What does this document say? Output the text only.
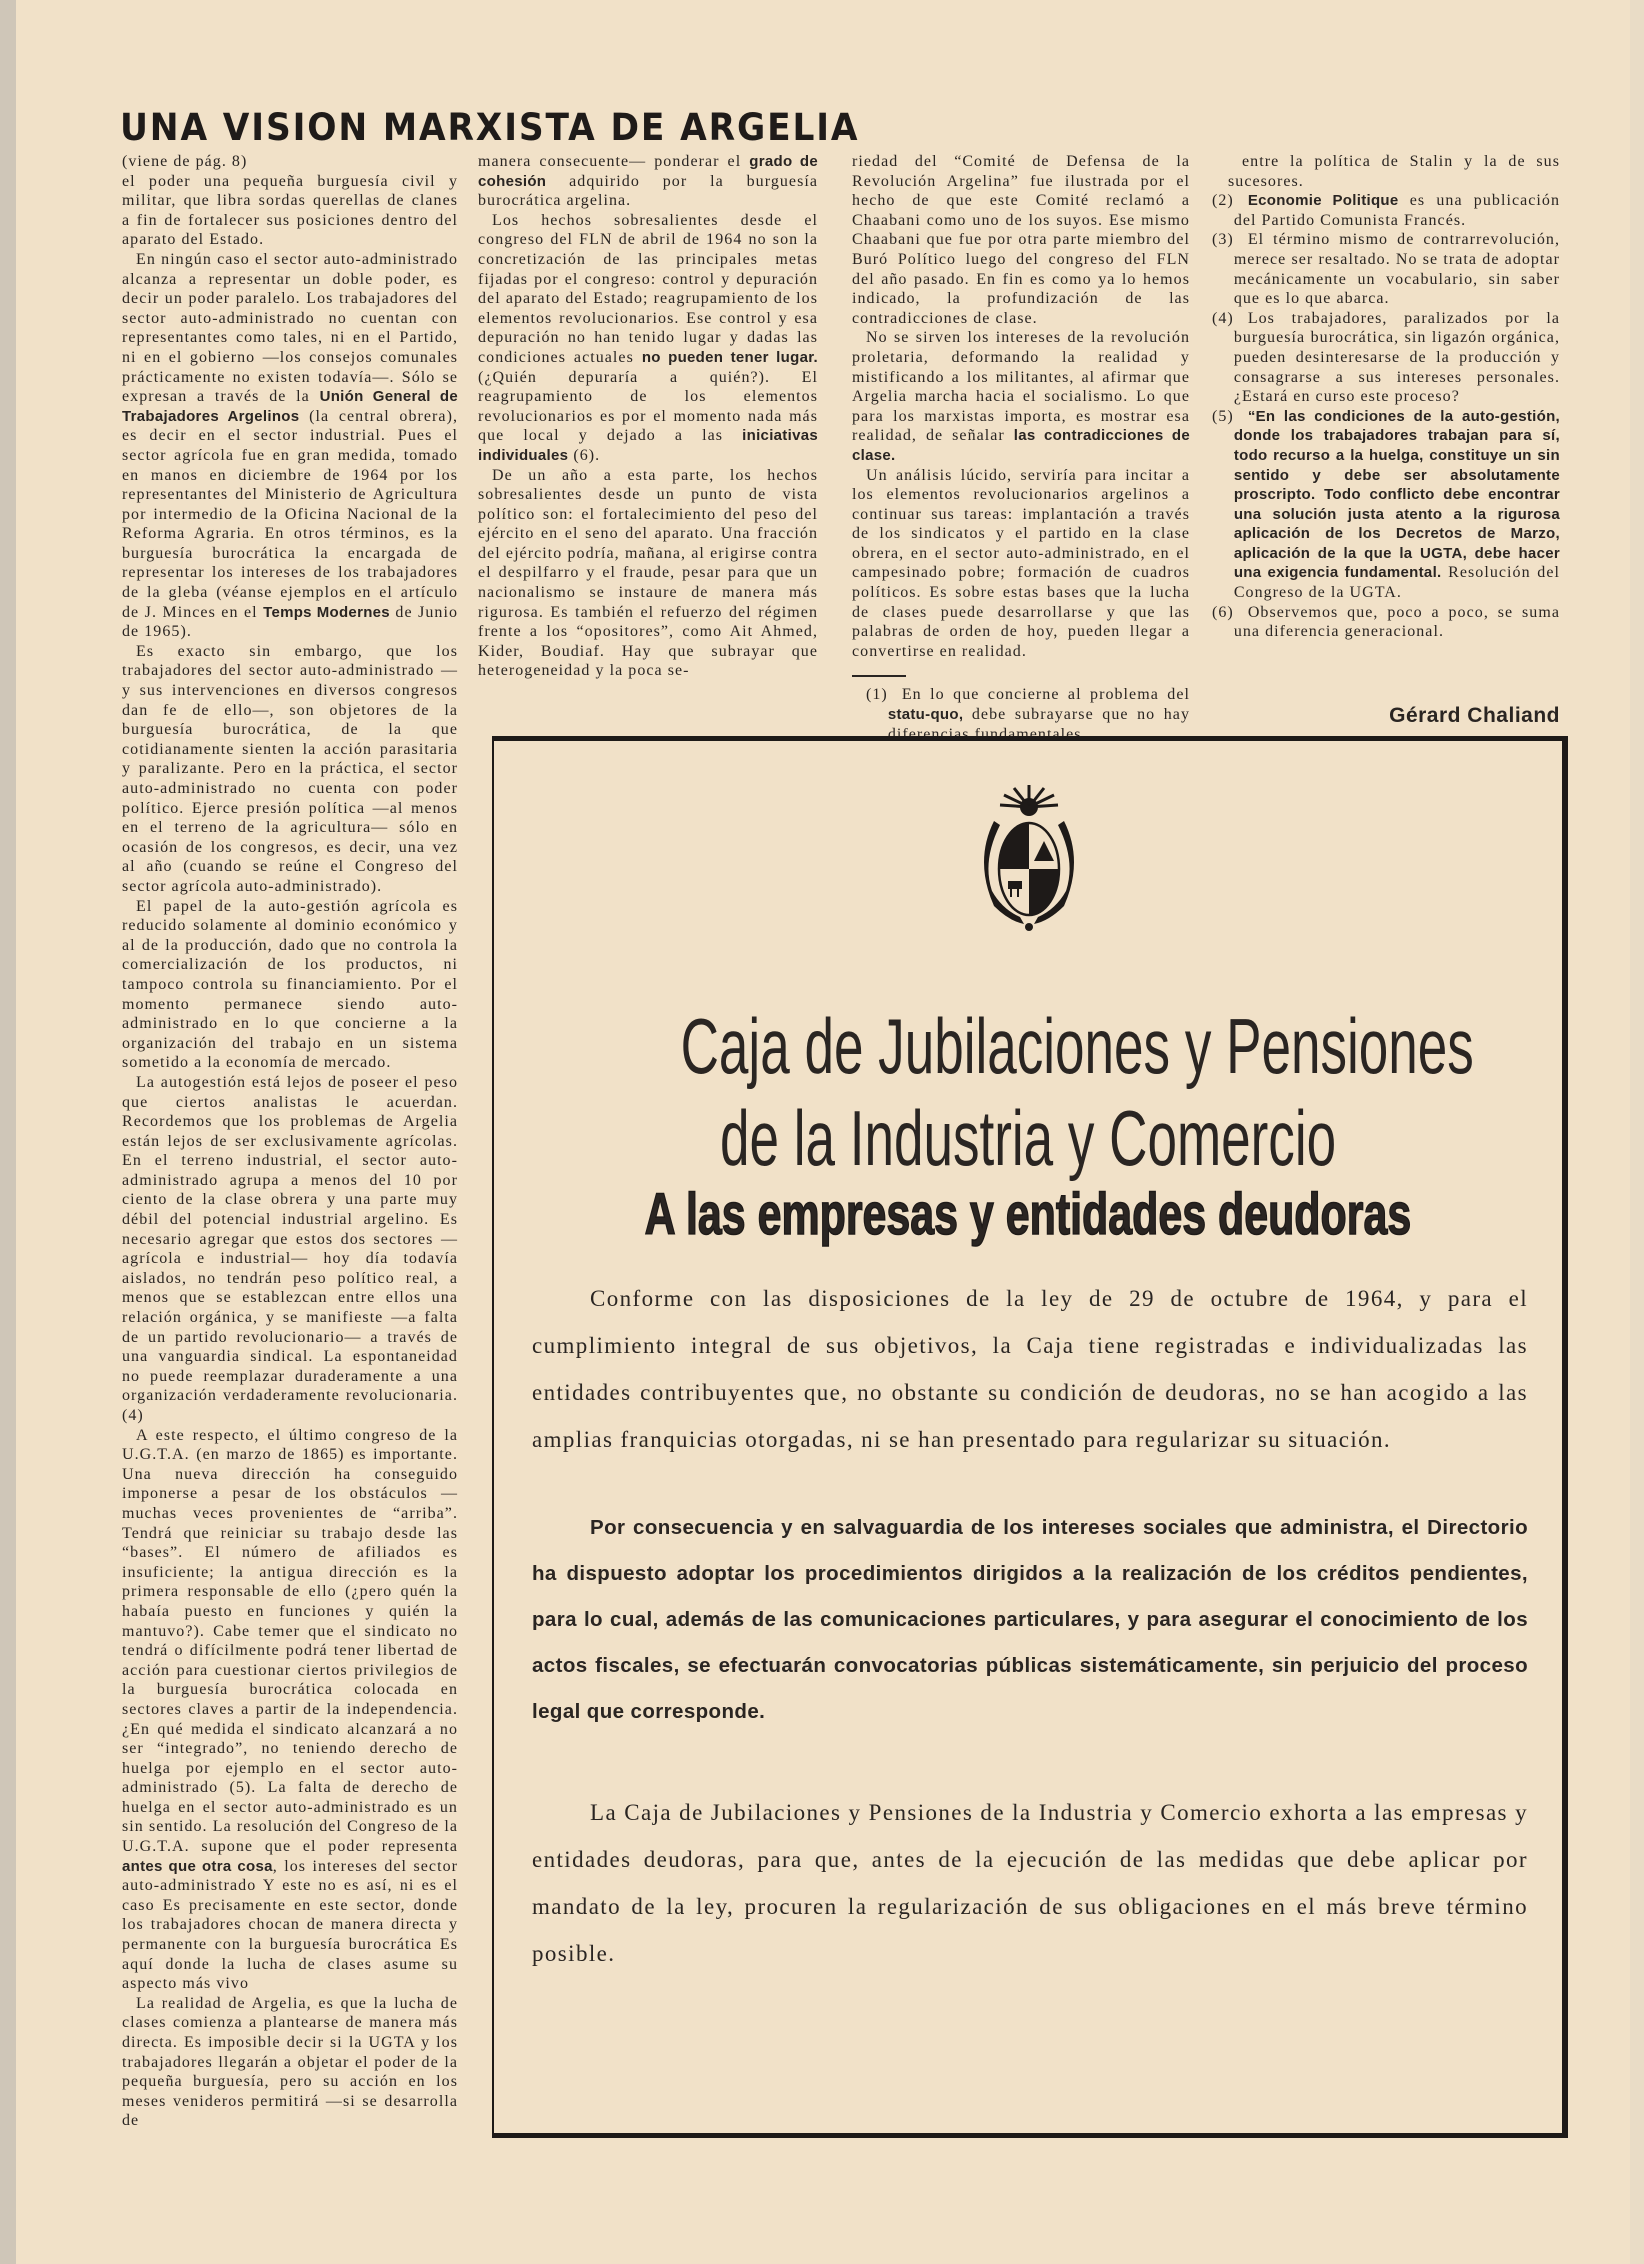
UNA VISION MARXISTA DE ARGELIA

(viene de pág. 8)

el poder una pequeña burguesía civil y militar, que libra sordas querellas de clanes a fin de fortalecer sus posiciones dentro del aparato del Estado.

En ningún caso el sector auto-administrado alcanza a representar un doble poder, es decir un poder paralelo. Los trabajadores del sector auto-administrado no cuentan con representantes como tales, ni en el Partido, ni en el gobierno —los consejos comunales prácticamente no existen todavía—. Sólo se expresan a través de la Unión General de Trabajadores Argelinos (la central obrera), es decir en el sector industrial. Pues el sector agrícola fue en gran medida, tomado en manos en diciembre de 1964 por los representantes del Ministerio de Agricultura por intermedio de la Oficina Nacional de la Reforma Agraria. En otros términos, es la burguesía burocrática la encargada de representar los intereses de los trabajadores de la gleba (véanse ejemplos en el artículo de J. Minces en el Temps Modernes de Junio de 1965).

Es exacto sin embargo, que los trabajadores del sector auto-administrado —y sus intervenciones en diversos congresos dan fe de ello—, son objetores de la burguesía burocrática, de la que cotidianamente sienten la acción parasitaria y paralizante. Pero en la práctica, el sector auto-administrado no cuenta con poder político. Ejerce presión política —al menos en el terreno de la agricultura— sólo en ocasión de los congresos, es decir, una vez al año (cuando se reúne el Congreso del sector agrícola auto-administrado).

El papel de la auto-gestión agrícola es reducido solamente al dominio económico y al de la producción, dado que no controla la comercialización de los productos, ni tampoco controla su financiamiento. Por el momento permanece siendo auto-administrado en lo que concierne a la organización del trabajo en un sistema sometido a la economía de mercado.

La autogestión está lejos de poseer el peso que ciertos analistas le acuerdan. Recordemos que los problemas de Argelia están lejos de ser exclusivamente agrícolas. En el terreno industrial, el sector auto-administrado agrupa a menos del 10 por ciento de la clase obrera y una parte muy débil del potencial industrial argelino. Es necesario agregar que estos dos sectores —agrícola e industrial— hoy día todavía aislados, no tendrán peso político real, a menos que se establezcan entre ellos una relación orgánica, y se manifieste —a falta de un partido revolucionario— a través de una vanguardia sindical. La espontaneidad no puede reemplazar duraderamente a una organización verdaderamente revolucionaria. (4)

A este respecto, el último congreso de la U.G.T.A. (en marzo de 1865) es importante. Una nueva dirección ha conseguido imponerse a pesar de los obstáculos — muchas veces provenientes de “arriba”. Tendrá que reiniciar su trabajo desde las “bases”. El número de afiliados es insuficiente; la antigua dirección es la primera responsable de ello (¿pero quén la habaía puesto en funciones y quién la mantuvo?). Cabe temer que el sindicato no tendrá o difícilmente podrá tener libertad de acción para cuestionar ciertos privilegios de la burguesía burocrática colocada en sectores claves a partir de la independencia. ¿En qué medida el sindicato alcanzará a no ser “integrado”, no teniendo derecho de huelga por ejemplo en el sector auto-administrado (5). La falta de derecho de huelga en el sector auto-administrado es un sin sentido. La resolución del Congreso de la U.G.T.A. supone que el poder representa antes que otra cosa, los intereses del sector auto-administrado Y este no es así, ni es el caso Es precisamente en este sector, donde los trabajadores chocan de manera directa y permanente con la burguesía burocrática Es aquí donde la lucha de clases asume su aspecto más vivo

La realidad de Argelia, es que la lucha de clases comienza a plantearse de manera más directa. Es imposible decir si la UGTA y los trabajadores llegarán a objetar el poder de la pequeña burguesía, pero su acción en los meses venideros permitirá —si se desarrolla de

manera consecuente— ponderar el grado de cohesión adquirido por la burguesía burocrática argelina.

Los hechos sobresalientes desde el congreso del FLN de abril de 1964 no son la concretización de las principales metas fijadas por el congreso: control y depuración del aparato del Estado; reagrupamiento de los elementos revolucionarios. Ese control y esa depuración no han tenido lugar y dadas las condiciones actuales no pueden tener lugar. (¿Quién depuraría a quién?). El reagrupamiento de los elementos revolucionarios es por el momento nada más que local y dejado a las iniciativas individuales (6).

De un año a esta parte, los hechos sobresalientes desde un punto de vista político son: el fortalecimiento del peso del ejército en el seno del aparato. Una fracción del ejército podría, mañana, al erigirse contra el despilfarro y el fraude, pesar para que un nacionalismo se instaure de manera más rigurosa. Es también el refuerzo del régimen frente a los “opositores”, como Ait Ahmed, Kider, Boudiaf. Hay que subrayar que heterogeneidad y la poca se-

riedad del “Comité de Defensa de la Revolución Argelina” fue ilustrada por el hecho de que este Comité reclamó a Chaabani como uno de los suyos. Ese mismo Chaabani que fue por otra parte miembro del Buró Político luego del congreso del FLN del año pasado. En fin es como ya lo hemos indicado, la profundización de las contradicciones de clase.

No se sirven los intereses de la revolución proletaria, deformando la realidad y mistificando a los militantes, al afirmar que Argelia marcha hacia el socialismo. Lo que para los marxistas importa, es mostrar esa realidad, de señalar las contradicciones de clase.

Un análisis lúcido, serviría para incitar a los elementos revolucionarios argelinos a continuar sus tareas: implantación a través de los sindicatos y el partido en la clase obrera, en el sector auto-administrado, en el campesinado pobre; formación de cuadros políticos. Es sobre estas bases que la lucha de clases puede desarrollarse y que las palabras de orden de hoy, pueden llegar a convertirse en realidad.

(1) En lo que concierne al problema del statu-quo, debe subrayarse que no hay diferencias fundamentales

entre la política de Stalin y la de sus sucesores.

(2) Economie Politique es una publicación del Partido Comunista Francés.

(3) El término mismo de contrarrevolución, merece ser resaltado. No se trata de adoptar mecánicamente un vocabulario, sin saber que es lo que abarca.

(4) Los trabajadores, paralizados por la burguesía burocrática, sin ligazón orgánica, pueden desinteresarse de la producción y consagrarse a sus intereses personales. ¿Estará en curso este proceso?

(5) “En las condiciones de la auto-gestión, donde los trabajadores trabajan para sí, todo recurso a la huelga, constituye un sin sentido y debe ser absolutamente proscripto. Todo conflicto debe encontrar una solución justa atento a la rigurosa aplicación de los Decretos de Marzo, aplicación de la que la UGTA, debe hacer una exigencia fundamental. Resolución del Congreso de la UGTA.

(6) Observemos que, poco a poco, se suma una diferencia generacional.

Gérard Chaliand
Caja de Jubilaciones y Pensiones
de la Industria y Comercio
A las empresas y entidades deudoras
Conforme con las disposiciones de la ley de 29 de octubre de 1964, y para el cumplimiento integral de sus objetivos, la Caja tiene registradas e individualizadas las entidades contribuyentes que, no obstante su condición de deudoras, no se han acogido a las amplias franquicias otorgadas, ni se han presentado para regularizar su situación.
Por consecuencia y en salvaguardia de los intereses sociales que administra, el Directorio ha dispuesto adoptar los procedimientos dirigidos a la realización de los créditos pendientes, para lo cual, además de las comunicaciones particulares, y para asegurar el conocimiento de los actos fiscales, se efectuarán convocatorias públicas sistemáticamente, sin perjuicio del proceso legal que corresponde.
La Caja de Jubilaciones y Pensiones de la Industria y Comercio exhorta a las empresas y entidades deudoras, para que, antes de la ejecución de las medidas que debe aplicar por mandato de la ley, procuren la regularización de sus obligaciones en el más breve término posible.
